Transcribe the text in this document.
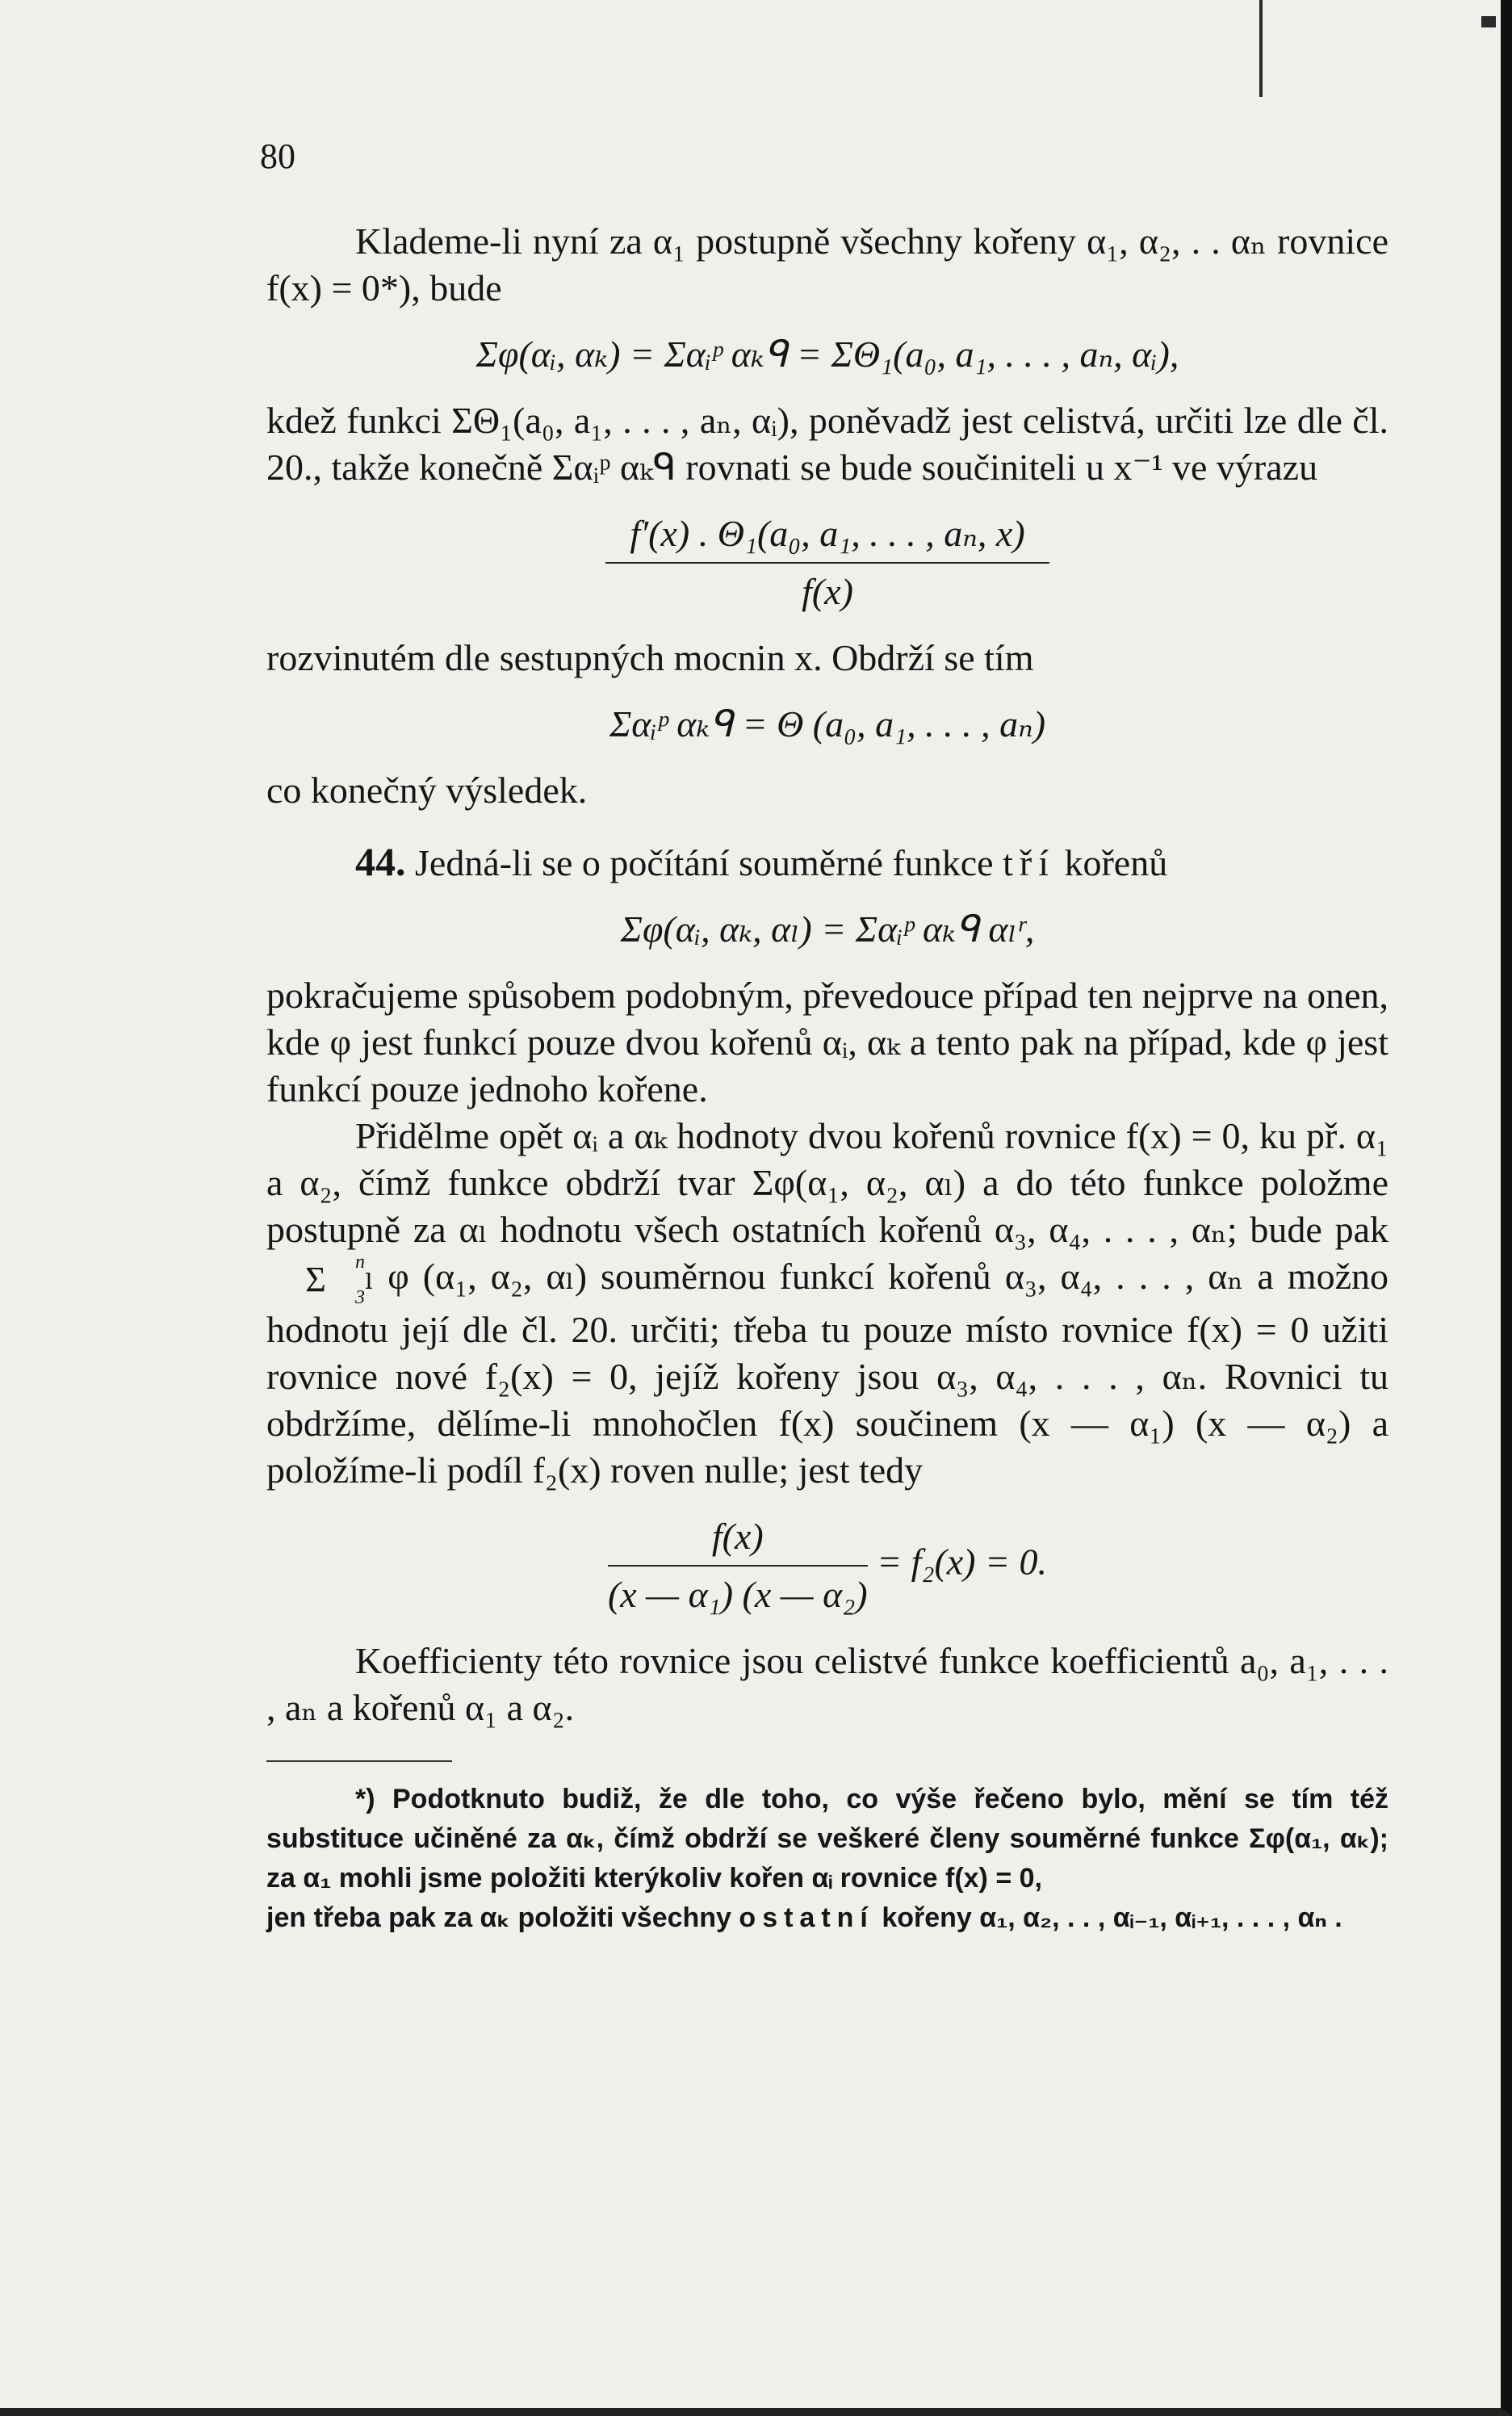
80

Klademe-li nyní za α₁ postupně všechny kořeny α₁, α₂, . . αₙ rovnice f(x) = 0*), bude

Σφ(αᵢ, αₖ) = Σαᵢᵖ αₖᑫ = ΣΘ₁(a₀, a₁, . . . , aₙ, αᵢ),

kdež funkci ΣΘ₁(a₀, a₁, . . . , aₙ, αᵢ), poněvadž jest celistvá, určiti lze dle čl. 20., takže konečně Σαᵢᵖ αₖᑫ rovnati se bude součiniteli u x⁻¹ ve výrazu

$\frac{\text{f′(x) . Θ₁(a₀, a₁, . . . , aₙ, x)}}{f(x)}$

rozvinutém dle sestupných mocnin x. Obdrží se tím

Σαᵢᵖ αₖᑫ = Θ (a₀, a₁, . . . , aₙ)

co konečný výsledek.

44. Jedná-li se o počítání souměrné funkce tří kořenů

Σφ(αᵢ, αₖ, αₗ) = Σαᵢᵖ αₖᑫ αₗʳ,

pokračujeme spůsobem podobným, převedouce případ ten nejprve na onen, kde φ jest funkcí pouze dvou kořenů αᵢ, αₖ a tento pak na případ, kde φ jest funkcí pouze jednoho kořene.

Přidělme opět αᵢ a αₖ hodnoty dvou kořenů rovnice f(x) = 0, ku př. α₁ a α₂, čímž funkce obdrží tvar Σφ(α₁, α₂, αₗ) a do této funkce položme postupně za αₗ hodnotu všech ostatních kořenů α₃, α₄, . . . , αₙ; bude pak
n
Σ	3
ₗ φ (α₁, α₂, αₗ) souměrnou funkcí kořenů α₃, α₄, . . . , αₙ a možno hodnotu její dle čl. 20. určiti; třeba tu pouze místo rovnice f(x) = 0 užiti rovnice nové f₂(x) = 0, jejíž kořeny jsou α₃, α₄, . . . , αₙ. Rovnici tu obdržíme, dělíme-li mnohočlen f(x) součinem (x — α₁) (x — α₂) a položíme-li podíl f₂(x) roven nulle; jest tedy

$\frac{f(x)}{\text{(x — α₁) (x — α₂)}} = f_2(x) = 0$.

Koefficienty této rovnice jsou celistvé funkce koefficientů a₀, a₁, . . . , aₙ a kořenů α₁ a α₂.

*) Podotknuto budiž, že dle toho, co výše řečeno bylo, mění se tím též substituce učiněné za αₖ, čímž obdrží se veškeré členy souměrné funkce Σφ(α₁, αₖ); za α₁ mohli jsme položiti kterýkoliv kořen αᵢ rovnice f(x) = 0,

jen třeba pak za αₖ položiti všechny ostatní kořeny α₁, α₂, . . , αᵢ₋₁, αᵢ₊₁, . . . , αₙ .
